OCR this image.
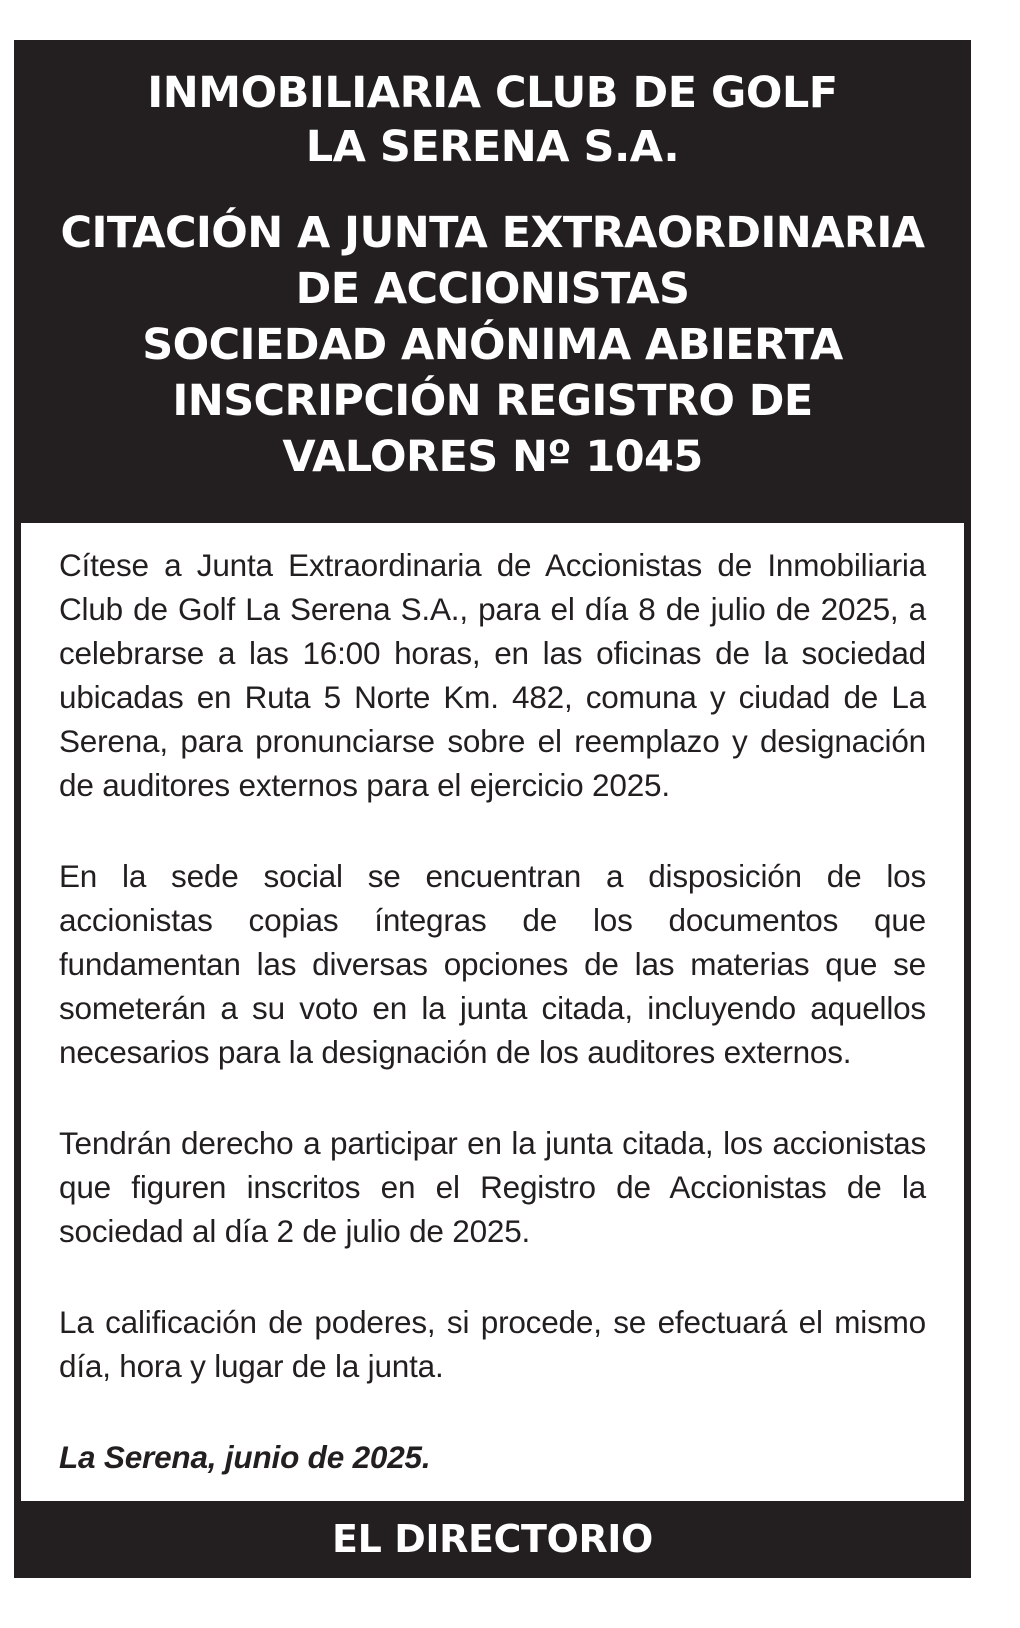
INMOBILIARIA CLUB DE GOLF
LA SERENA S.A.
CITACIÓN A JUNTA EXTRAORDINARIA
DE ACCIONISTAS
SOCIEDAD ANÓNIMA ABIERTA
INSCRIPCIÓN REGISTRO DE
VALORES Nº 1045

Cítese a Junta Extraordinaria de Accionistas de Inmobiliaria Club de Golf La Serena S.A., para el día 8 de julio de 2025, a celebrarse a las 16:00 horas, en las oficinas de la sociedad ubicadas en Ruta 5 Norte Km. 482, comuna y ciudad de La Serena, para pronunciarse sobre el reemplazo y designación de auditores externos para el ejercicio 2025.

En la sede social se encuentran a disposición de los accionistas copias íntegras de los documentos que fundamentan las diversas opciones de las materias que se someterán a su voto en la junta citada, incluyendo aquellos necesarios para la designación de los auditores externos.

Tendrán derecho a participar en la junta citada, los accionistas que figuren inscritos en el Registro de Accionistas de la sociedad al día 2 de julio de 2025.

La calificación de poderes, si procede, se efectuará el mismo día, hora y lugar de la junta.

La Serena, junio de 2025.

EL DIRECTORIO
